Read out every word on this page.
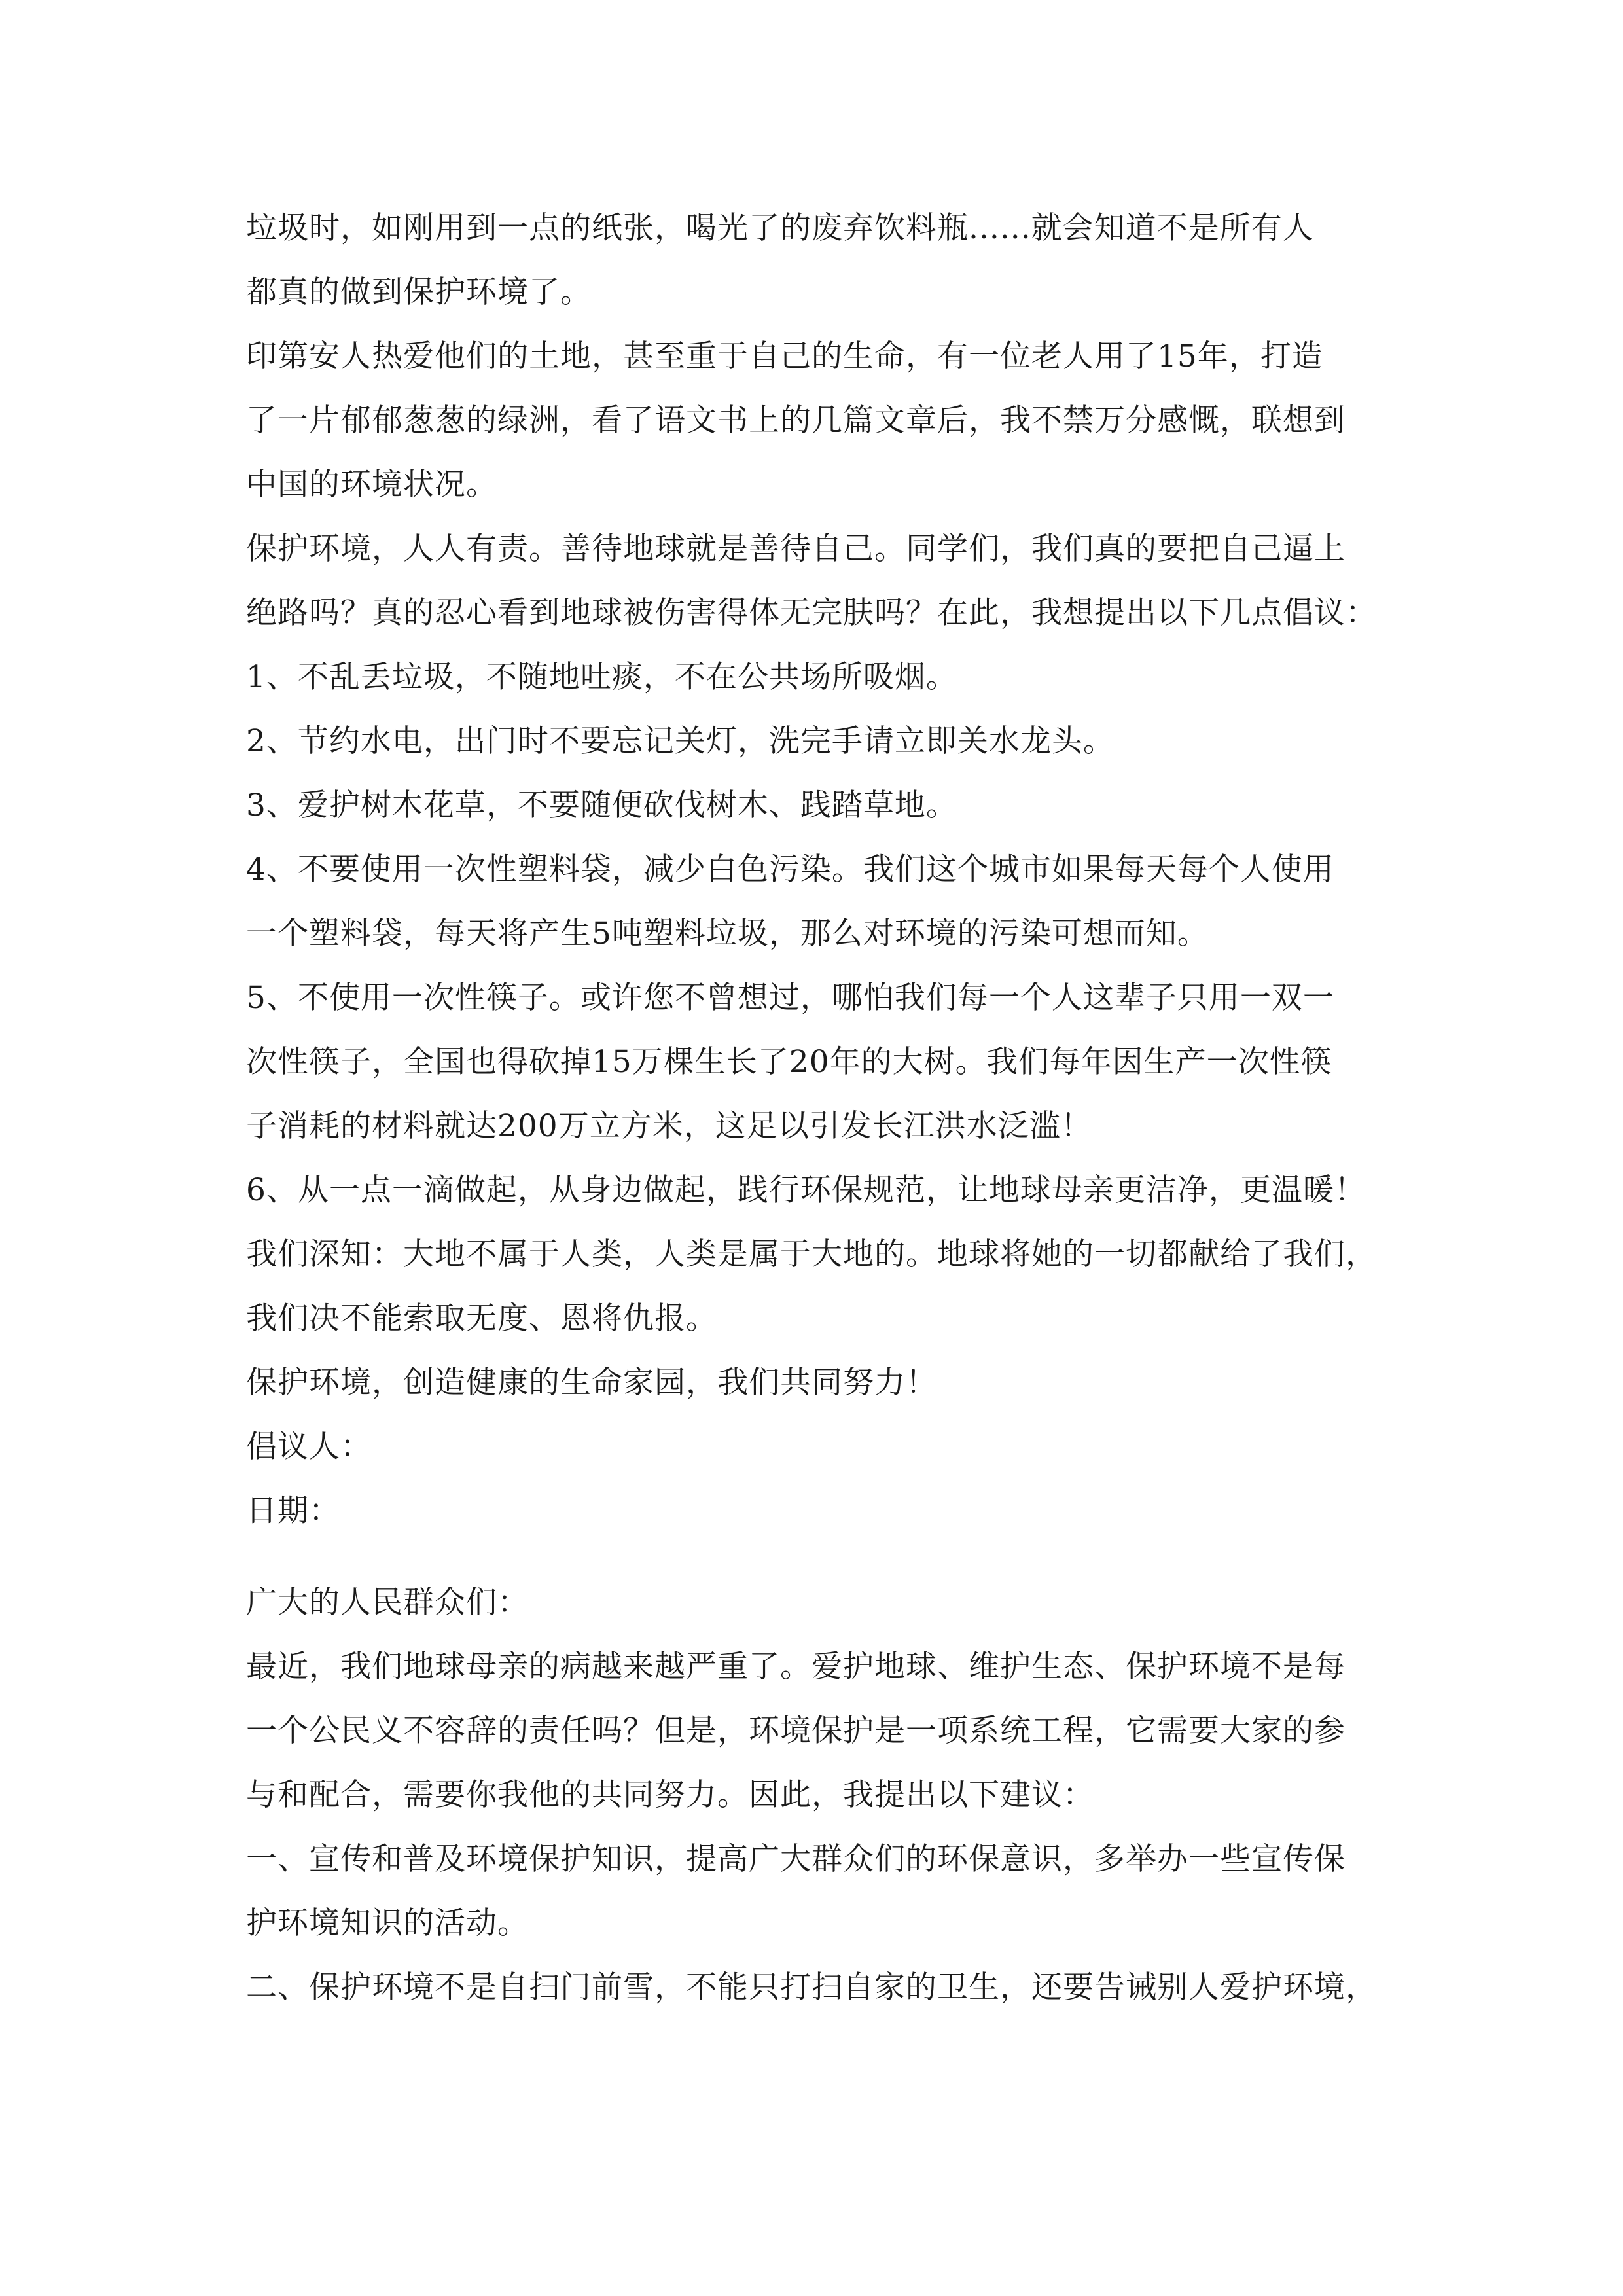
垃圾时，如刚用到一点的纸张，喝光了的废弃饮料瓶......就会知道不是所有人

都真的做到保护环境了。

印第安人热爱他们的土地，甚至重于自己的生命，有一位老人用了15年，打造

了一片郁郁葱葱的绿洲，看了语文书上的几篇文章后，我不禁万分感慨，联想到

中国的环境状况。

保护环境，人人有责。善待地球就是善待自己。同学们，我们真的要把自己逼上

绝路吗？真的忍心看到地球被伤害得体无完肤吗？在此，我想提出以下几点倡议：

1、不乱丢垃圾，不随地吐痰，不在公共场所吸烟。

2、节约水电，出门时不要忘记关灯，洗完手请立即关水龙头。

3、爱护树木花草，不要随便砍伐树木、践踏草地。

4、不要使用一次性塑料袋，减少白色污染。我们这个城市如果每天每个人使用

一个塑料袋，每天将产生5吨塑料垃圾，那么对环境的污染可想而知。

5、不使用一次性筷子。或许您不曾想过，哪怕我们每一个人这辈子只用一双一

次性筷子，全国也得砍掉15万棵生长了20年的大树。我们每年因生产一次性筷

子消耗的材料就达200万立方米，这足以引发长江洪水泛滥！

6、从一点一滴做起，从身边做起，践行环保规范，让地球母亲更洁净，更温暖！

我们深知：大地不属于人类，人类是属于大地的。地球将她的一切都献给了我们，

我们决不能索取无度、恩将仇报。

保护环境，创造健康的生命家园，我们共同努力！

倡议人：

日期：

广大的人民群众们：

最近，我们地球母亲的病越来越严重了。爱护地球、维护生态、保护环境不是每

一个公民义不容辞的责任吗？但是，环境保护是一项系统工程，它需要大家的参

与和配合，需要你我他的共同努力。因此，我提出以下建议：

一、宣传和普及环境保护知识，提高广大群众们的环保意识，多举办一些宣传保

护环境知识的活动。

二、保护环境不是自扫门前雪，不能只打扫自家的卫生，还要告诫别人爱护环境，
